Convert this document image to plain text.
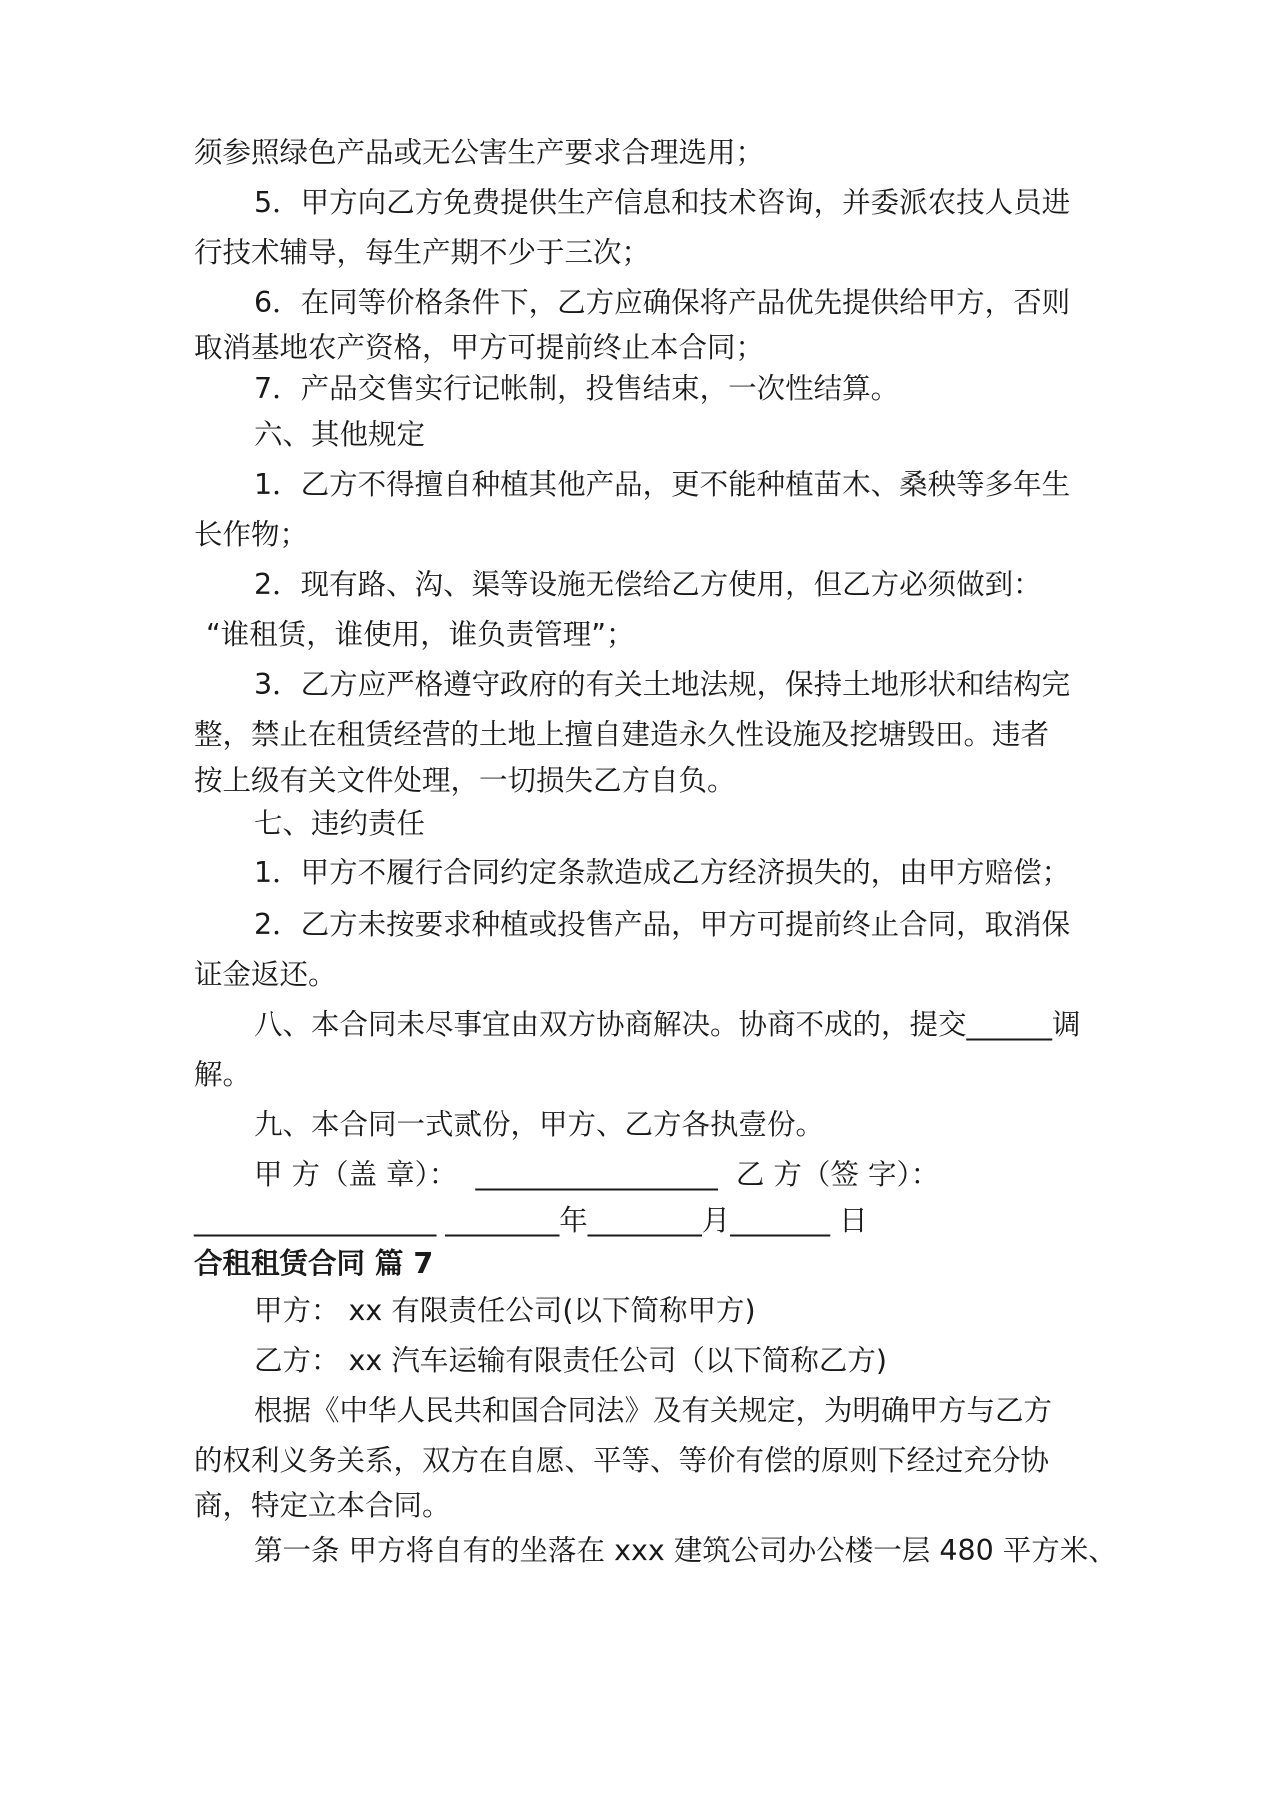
须参照绿色产品或无公害生产要求合理选用；
5．甲方向乙方免费提供生产信息和技术咨询，并委派农技人员进
行技术辅导，每生产期不少于三次；
6．在同等价格条件下，乙方应确保将产品优先提供给甲方，否则
取消基地农产资格，甲方可提前终止本合同；
7．产品交售实行记帐制，投售结束，一次性结算。
六、其他规定
1．乙方不得擅自种植其他产品，更不能种植苗木、桑秧等多年生
长作物；
2．现有路、沟、渠等设施无偿给乙方使用，但乙方必须做到：
“谁租赁，谁使用，谁负责管理”；
3．乙方应严格遵守政府的有关土地法规，保持土地形状和结构完
整，禁止在租赁经营的土地上擅自建造永久性设施及挖塘毁田。违者
按上级有关文件处理，一切损失乙方自负。
七、违约责任
1．甲方不履行合同约定条款造成乙方经济损失的，由甲方赔偿；
2．乙方未按要求种植或投售产品，甲方可提前终止合同，取消保
证金返还。
八、本合同未尽事宜由双方协商解决。协商不成的，提交______调
解。
九、本合同一式贰份，甲方、乙方各执壹份。
甲 方（盖 章）：  _________________  乙 方（签 字）：
_________________ ________年________月_______ 日
合租租赁合同 篇 7
甲方： xx 有限责任公司(以下简称甲方)
乙方： xx 汽车运输有限责任公司（以下简称乙方)
根据《中华人民共和国合同法》及有关规定，为明确甲方与乙方
的权利义务关系，双方在自愿、平等、等价有偿的原则下经过充分协
商，特定立本合同。
第一条 甲方将自有的坐落在 xxx 建筑公司办公楼一层 480 平方米、
